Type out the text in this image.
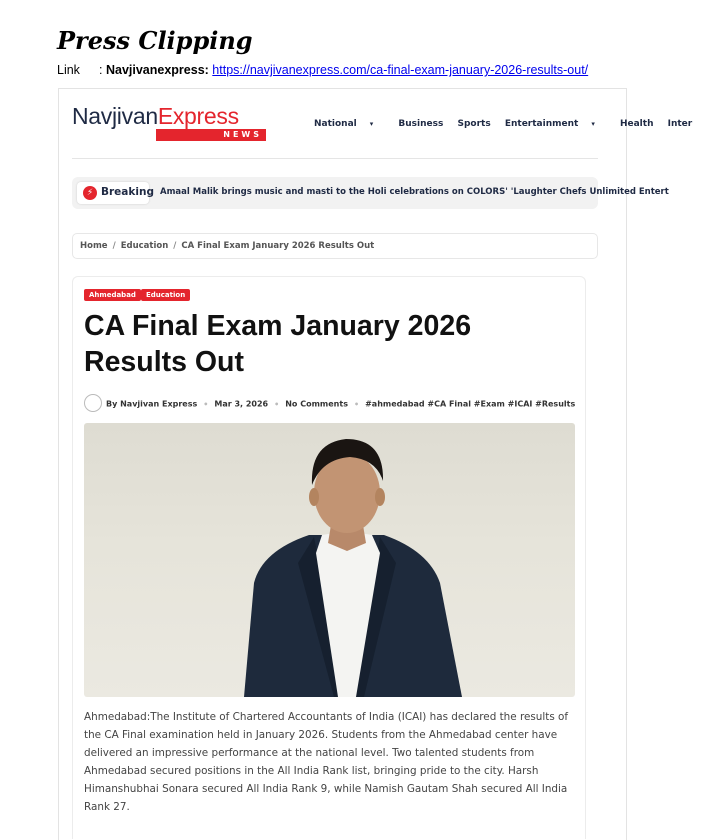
Press Clipping
Link : Navjivanexpress: https://navjivanexpress.com/ca-final-exam-january-2026-results-out/
NavjivanExpress
NEWS
National ▾	Business Sports Entertainment ▾	Health Inter
⚡ Breaking Amaal Malik brings music and masti to the Holi celebrations on COLORS' 'Laughter Chefs Unlimited Entert
Home / Education / CA Final Exam January 2026 Results Out
Ahmedabad	Education
CA Final Exam January 2026 Results Out
By Navjivan Express • Mar 3, 2026 • No Comments • #ahmedabad #CA Final #Exam #ICAI #Results
Ahmedabad:The Institute of Chartered Accountants of India (ICAI) has declared the results of the CA Final examination held in January 2026. Students from the Ahmedabad center have delivered an impressive performance at the national level. Two talented students from Ahmedabad secured positions in the All India Rank list, bringing pride to the city. Harsh Himanshubhai Sonara secured All India Rank 9, while Namish Gautam Shah secured All India Rank 27.
